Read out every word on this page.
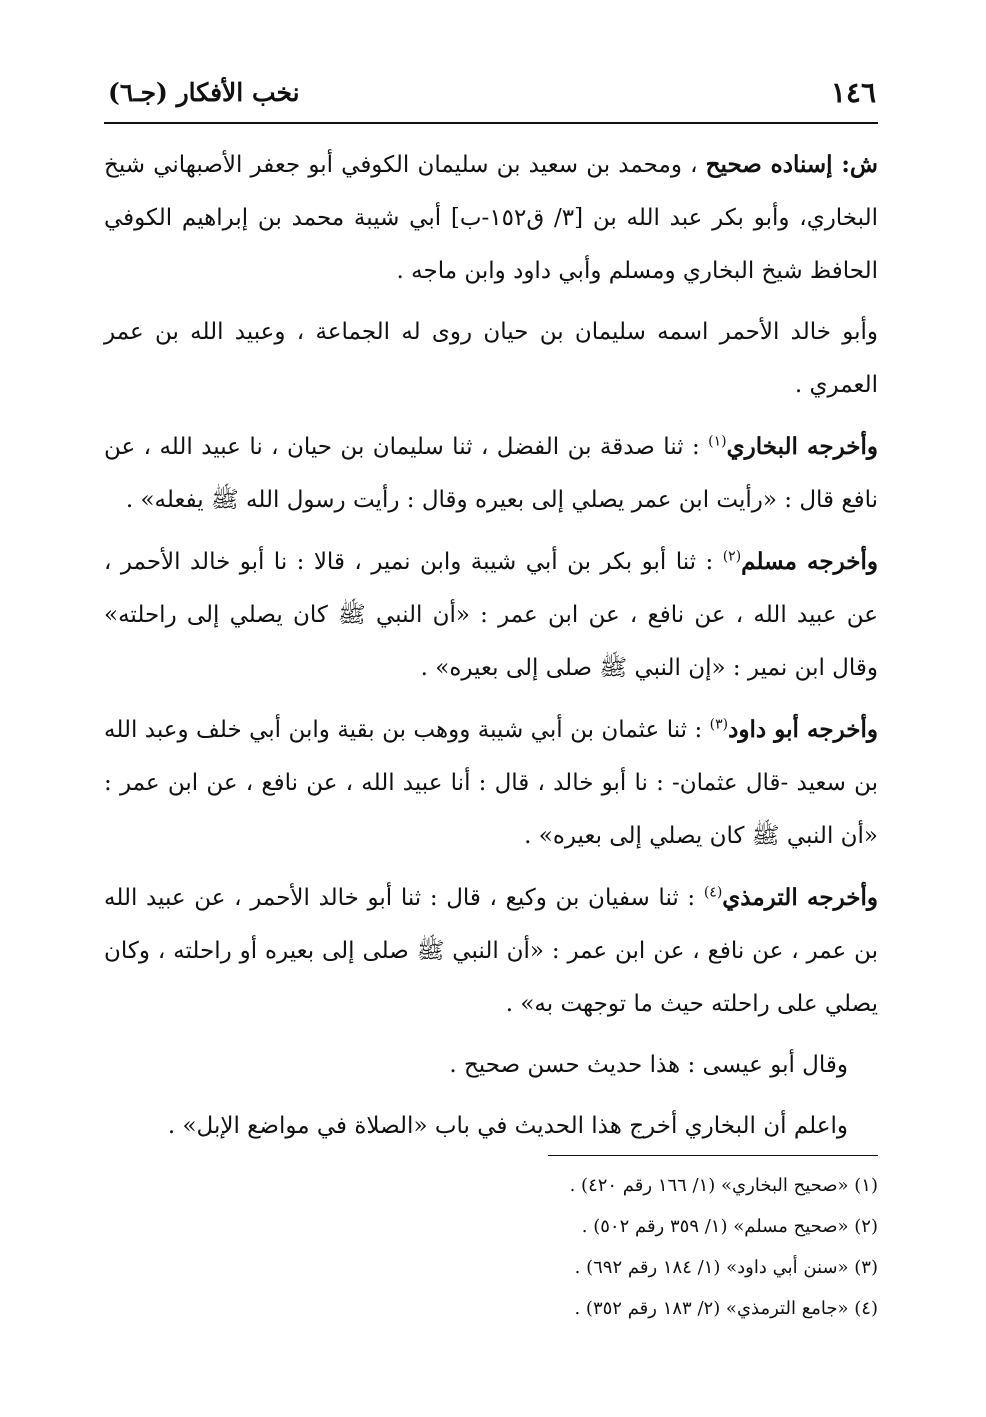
١٤٦
نخب الأفكار (جـ٦)

ش: إسناده صحيح ، ومحمد بن سعيد بن سليمان الكوفي أبو جعفر الأصبهاني شيخ البخاري، وأبو بكر عبد الله بن [٣/ ق١٥٢-ب] أبي شيبة محمد بن إبراهيم الكوفي الحافظ شيخ البخاري ومسلم وأبي داود وابن ماجه .

وأبو خالد الأحمر اسمه سليمان بن حيان روى له الجماعة ، وعبيد الله بن عمر العمري .

وأخرجه البخاري$^{(١)}$ : ثنا صدقة بن الفضل ، ثنا سليمان بن حيان ، نا عبيد الله ، عن نافع قال : «رأيت ابن عمر يصلي إلى بعيره وقال : رأيت رسول الله ﷺ يفعله» .

وأخرجه مسلم$^{(٢)}$ : ثنا أبو بكر بن أبي شيبة وابن نمير ، قالا : نا أبو خالد الأحمر ، عن عبيد الله ، عن نافع ، عن ابن عمر : «أن النبي ﷺ كان يصلي إلى راحلته» وقال ابن نمير : «إن النبي ﷺ صلى إلى بعيره» .

وأخرجه أبو داود$^{(٣)}$ : ثنا عثمان بن أبي شيبة ووهب بن بقية وابن أبي خلف وعبد الله بن سعيد -قال عثمان- : نا أبو خالد ، قال : أنا عبيد الله ، عن نافع ، عن ابن عمر : «أن النبي ﷺ كان يصلي إلى بعيره» .

وأخرجه الترمذي$^{(٤)}$ : ثنا سفيان بن وكيع ، قال : ثنا أبو خالد الأحمر ، عن عبيد الله بن عمر ، عن نافع ، عن ابن عمر : «أن النبي ﷺ صلى إلى بعيره أو راحلته ، وكان يصلي على راحلته حيث ما توجهت به» .

وقال أبو عيسى : هذا حديث حسن صحيح .

واعلم أن البخاري أخرج هذا الحديث في باب «الصلاة في مواضع الإبل» .

(١) «صحيح البخاري» (١/ ١٦٦ رقم ٤٢٠) .
(٢) «صحيح مسلم» (١/ ٣٥٩ رقم ٥٠٢) .
(٣) «سنن أبي داود» (١/ ١٨٤ رقم ٦٩٢) .
(٤) «جامع الترمذي» (٢/ ١٨٣ رقم ٣٥٢) .
